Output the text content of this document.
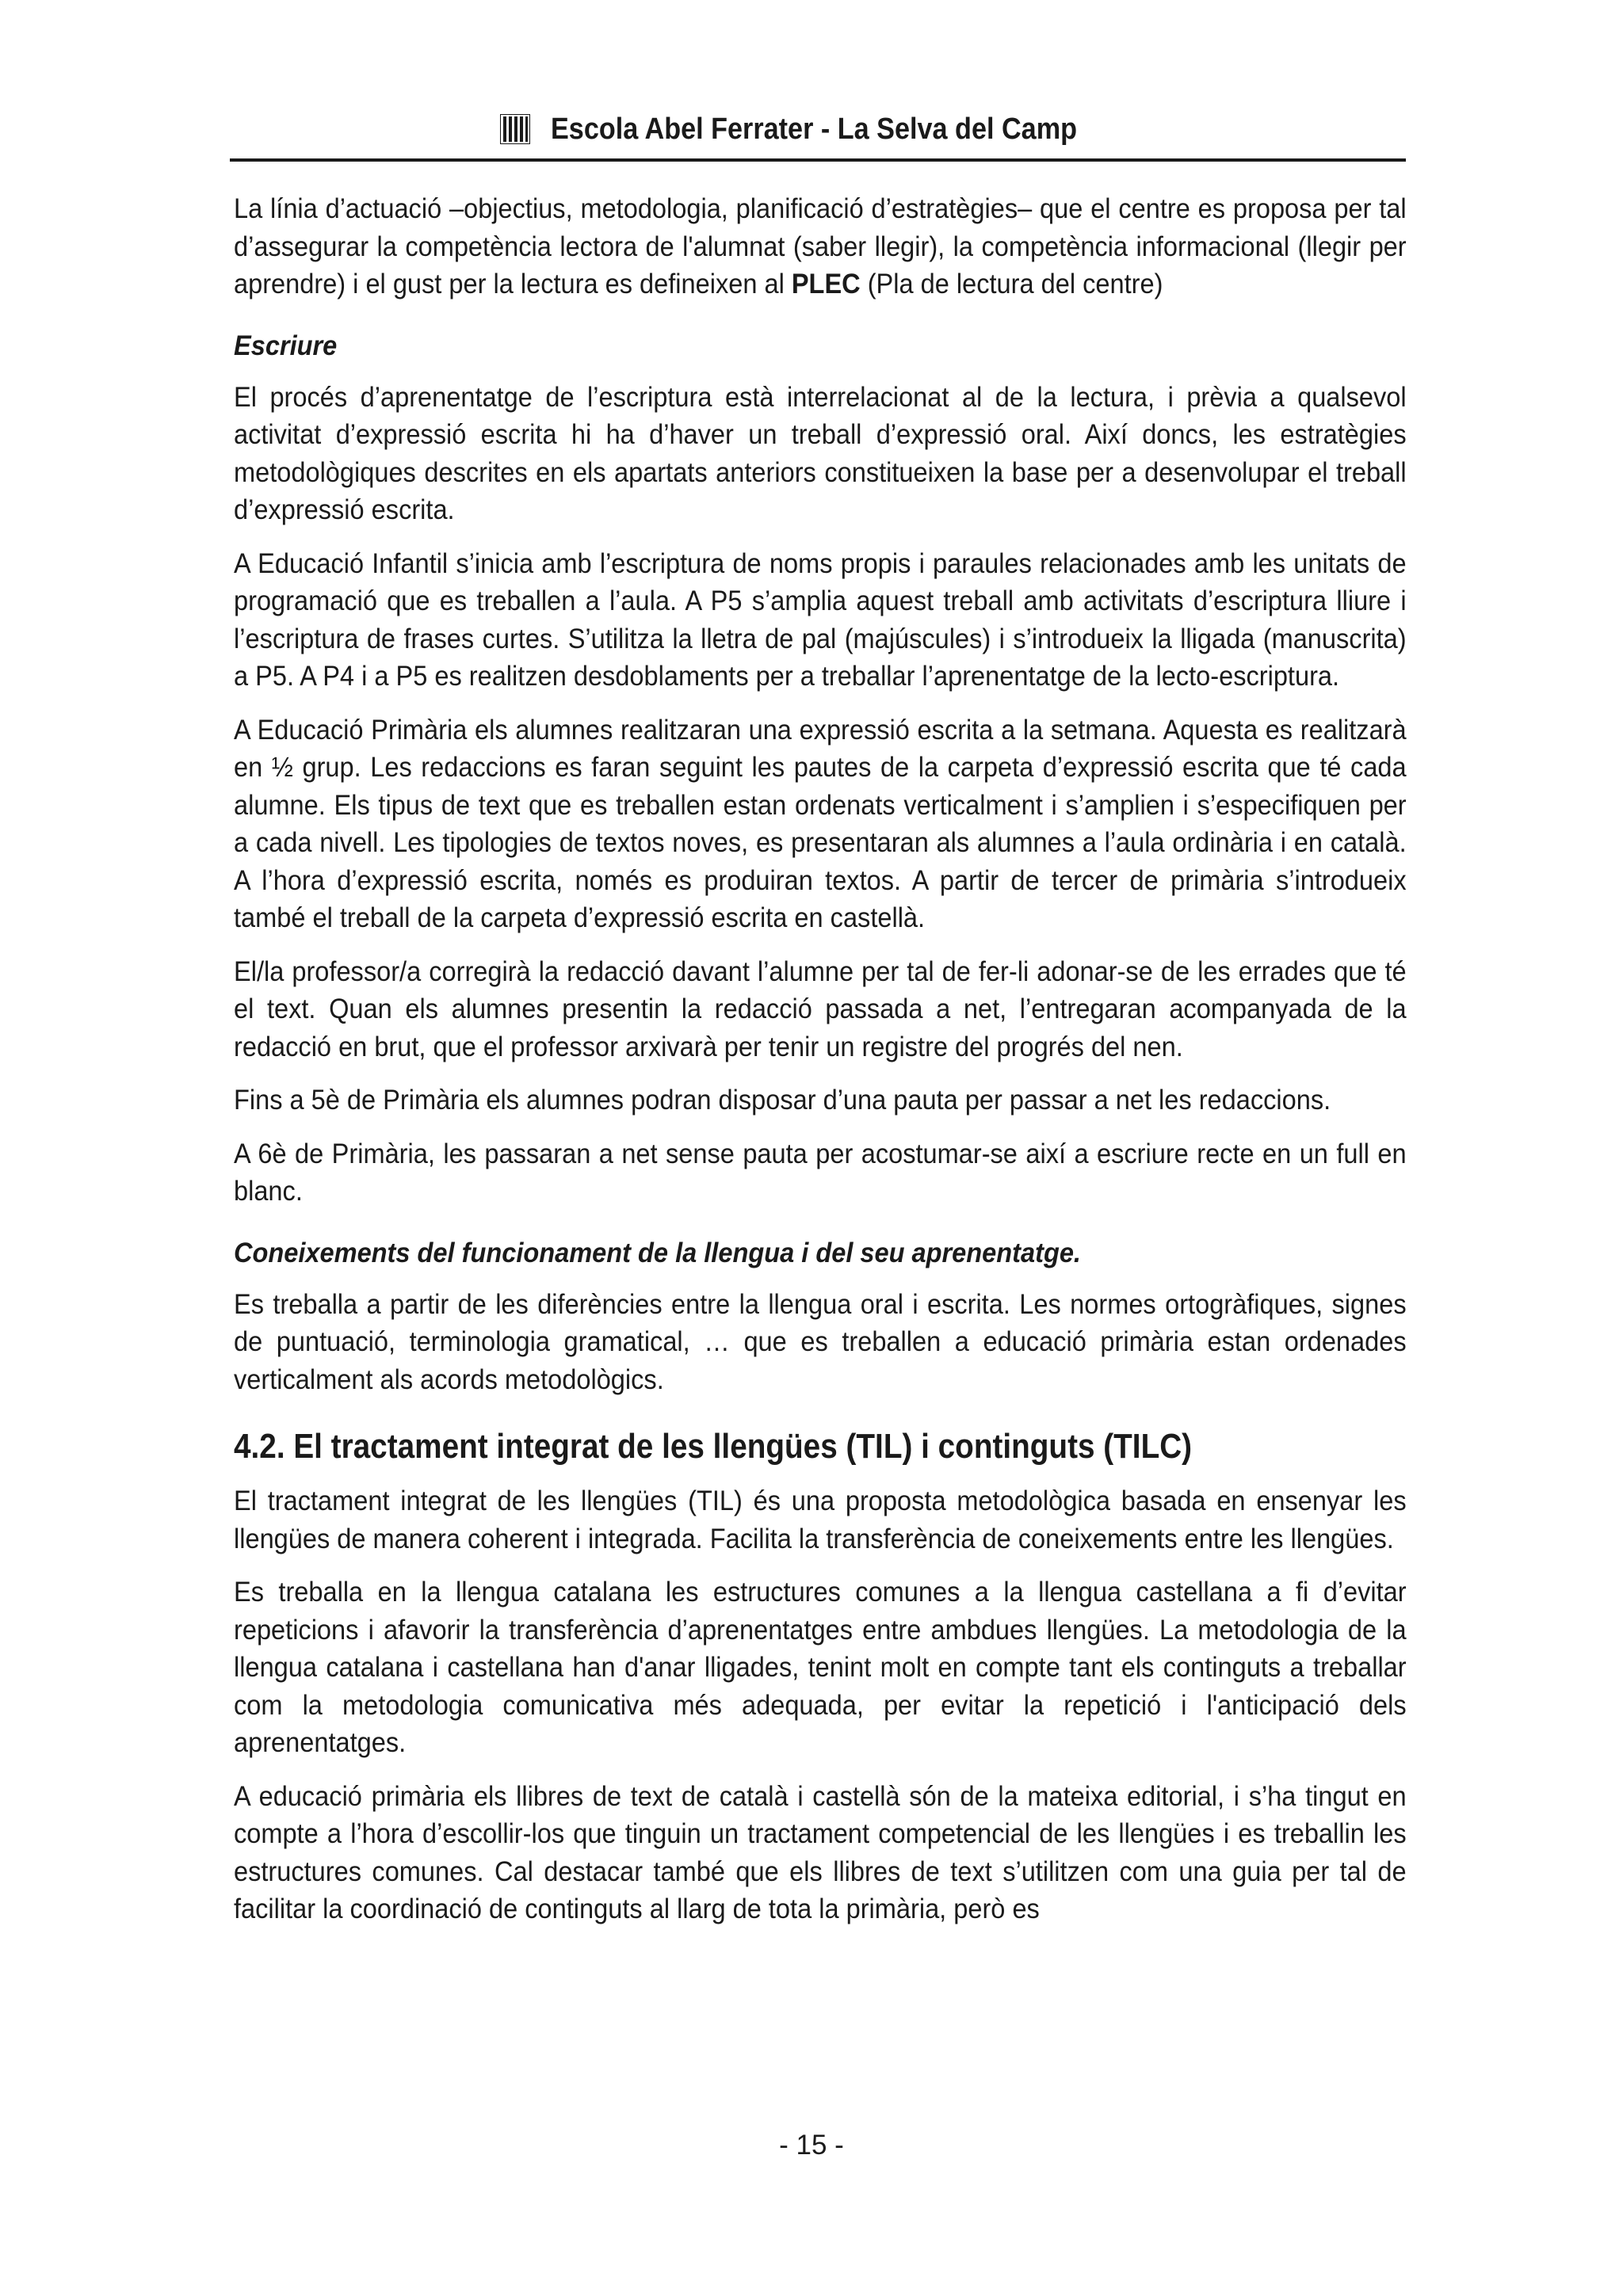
Escola Abel Ferrater - La Selva del Camp

La línia d’actuació –objectius, metodologia, planificació d’estratègies– que el centre es proposa per tal d’assegurar la competència lectora de l'alumnat (saber llegir), la competència informacional (llegir per aprendre) i el gust per la lectura es defineixen al PLEC (Pla de lectura del centre)

Escriure

El procés d’aprenentatge de l’escriptura està interrelacionat al de la lectura, i prèvia a qualsevol activitat d’expressió escrita hi ha d’haver un treball d’expressió oral. Així doncs, les estratègies metodològiques descrites en els apartats anteriors constitueixen la base per a desenvolupar el treball d’expressió escrita.

A Educació Infantil s’inicia amb l’escriptura de noms propis i paraules relacionades amb les unitats de programació que es treballen a l’aula. A P5 s’amplia aquest treball amb activitats d’escriptura lliure i l’escriptura de frases curtes. S’utilitza la lletra de pal (majúscules) i s’introdueix la lligada (manuscrita) a P5. A P4 i a P5 es realitzen desdoblaments per a treballar l’aprenentatge de la lecto-escriptura.

A Educació Primària els alumnes realitzaran una expressió escrita a la setmana. Aquesta es realitzarà en ½ grup. Les redaccions es faran seguint les pautes de la carpeta d’expressió escrita que té cada alumne. Els tipus de text que es treballen estan ordenats verticalment i s’amplien i s’especifiquen per a cada nivell. Les tipologies de textos noves, es presentaran als alumnes a l’aula ordinària i en català. A l’hora d’expressió escrita, només es produiran textos. A partir de tercer de primària s’introdueix també el treball de la carpeta d’expressió escrita en castellà.

El/la professor/a corregirà la redacció davant l’alumne per tal de fer-li adonar-se de les errades que té el text. Quan els alumnes presentin la redacció passada a net, l’entregaran acompanyada de la redacció en brut, que el professor arxivarà per tenir un registre del progrés del nen.

Fins a 5è de Primària els alumnes podran disposar d’una pauta per passar a net les redaccions.

A 6è de Primària, les passaran a net sense pauta per acostumar-se així a escriure recte en un full en blanc.

Coneixements del funcionament de la llengua i del seu aprenentatge.

Es treballa a partir de les diferències entre la llengua oral i escrita. Les normes ortogràfiques, signes de puntuació, terminologia gramatical, … que es treballen a educació primària estan ordenades verticalment als acords metodològics.

4.2. El tractament integrat de les llengües (TIL) i continguts (TILC)

El tractament integrat de les llengües (TIL) és una proposta metodològica basada en ensenyar les llengües de manera coherent i integrada. Facilita la transferència de coneixements entre les llengües.

Es treballa en la llengua catalana les estructures comunes a la llengua castellana a fi d’evitar repeticions i afavorir la transferència d’aprenentatges entre ambdues llengües. La metodologia de la llengua catalana i castellana han d'anar lligades, tenint molt en compte tant els continguts a treballar com la metodologia comunicativa més adequada, per evitar la repetició i l'anticipació dels aprenentatges.

A educació primària els llibres de text de català i castellà són de la mateixa editorial, i s’ha tingut en compte a l’hora d’escollir-los que tinguin un tractament competencial de les llengües i es treballin les estructures comunes. Cal destacar també que els llibres de text s’utilitzen com una guia per tal de facilitar la coordinació de continguts al llarg de tota la primària, però es

- 15 -
